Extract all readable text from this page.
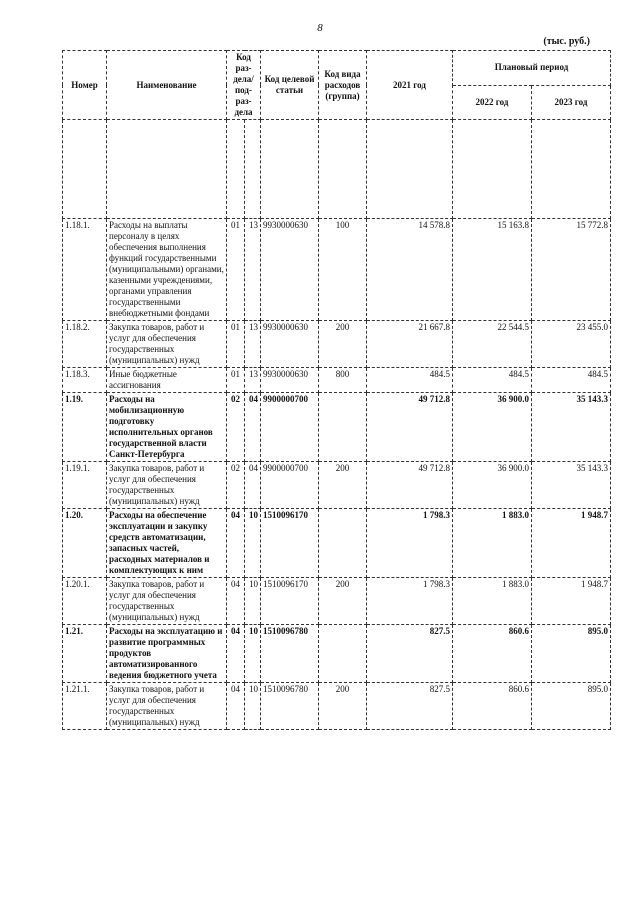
8
(тыс. руб.)
Номер	Наименование	Код раз-дела/ под-раз-дела		Код целевой статьи	Код вида расходов (группа)	2021 год	Плановый период	
							2022 год	2023 год

1.18.1.	Расходы на выплаты персоналу в целях обеспечения выполнения функций государственными (муниципальными) органами, казенными учреждениями, органами управления государственными внебюджетными фондами	01	13	9930000630	100	14 578.8	15 163.8	15 772.8
1.18.2.	Закупка товаров, работ и услуг для обеспечения государственных (муниципальных) нужд	01	13	9930000630	200	21 667.8	22 544.5	23 455.0
1.18.3.	Иные бюджетные ассигнования	01	13	9930000630	800	484.5	484.5	484.5
1.19.	Расходы на мобилизационную подготовку исполнительных органов государственной власти Санкт-Петербурга	02	04	9900000700		49 712.8	36 900.0	35 143.3
1.19.1.	Закупка товаров, работ и услуг для обеспечения государственных (муниципальных) нужд	02	04	9900000700	200	49 712.8	36 900.0	35 143.3
1.20.	Расходы на обеспечение эксплуатации и закупку средств автоматизации, запасных частей, расходных материалов и комплектующих к ним	04	10	1510096170		1 798.3	1 883.0	1 948.7
1.20.1.	Закупка товаров, работ и услуг для обеспечения государственных (муниципальных) нужд	04	10	1510096170	200	1 798.3	1 883.0	1 948.7
1.21.	Расходы на эксплуатацию и развитие программных продуктов автоматизированного ведения бюджетного учета	04	10	1510096780		827.5	860.6	895.0
1.21.1.	Закупка товаров, работ и услуг для обеспечения государственных (муниципальных) нужд	04	10	1510096780	200	827.5	860.6	895.0
